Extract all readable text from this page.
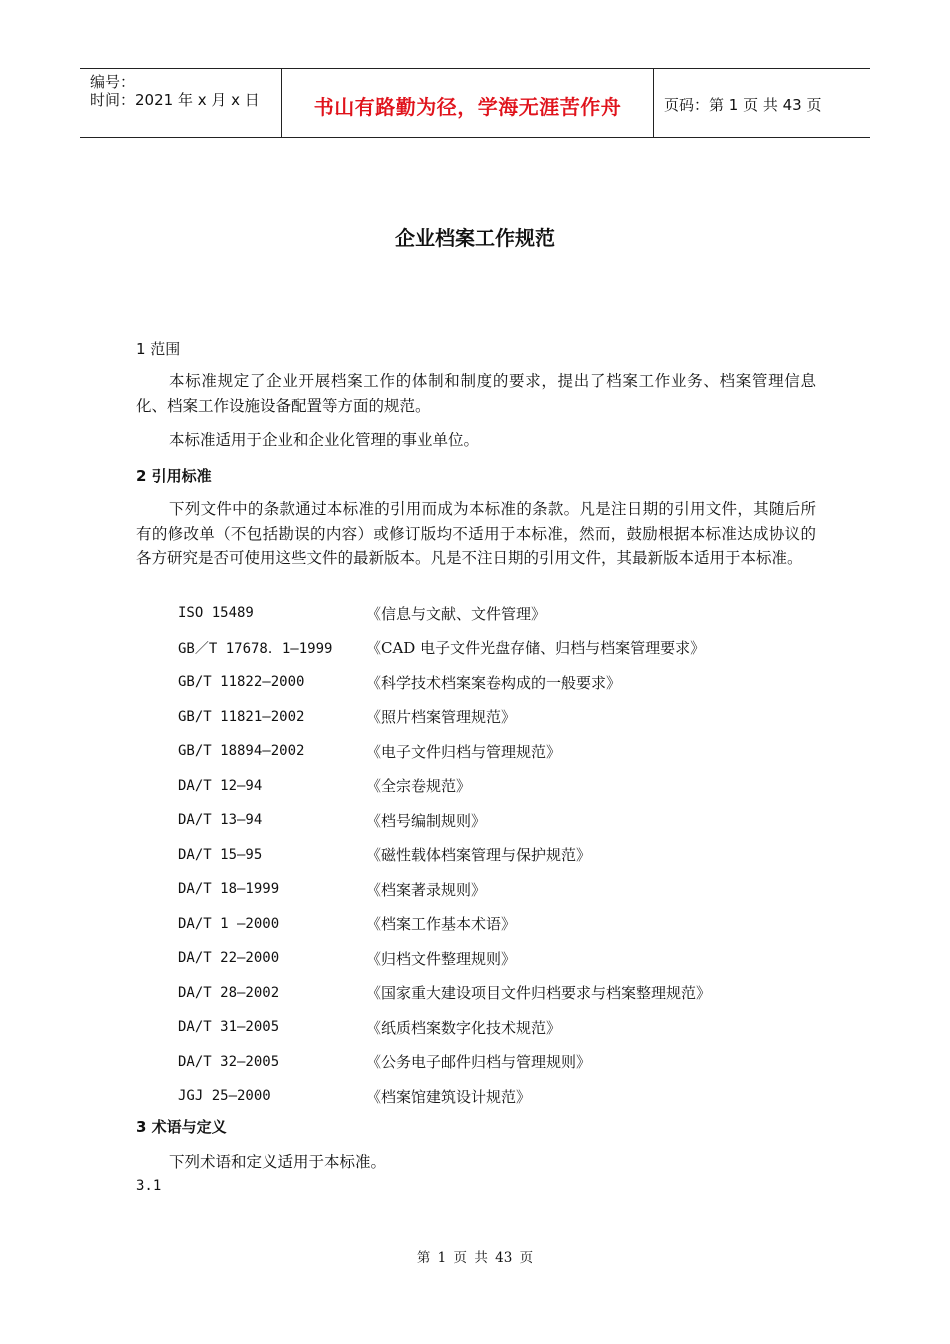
编号：
时间：2021 年 x 月 x 日	书山有路勤为径，学海无涯苦作舟	页码：第 1 页 共 43 页
企业档案工作规范
1 范围

本标准规定了企业开展档案工作的体制和制度的要求，提出了档案工作业务、档案管理信息化、档案工作设施设备配置等方面的规范。

本标准适用于企业和企业化管理的事业单位。

2 引用标准

下列文件中的条款通过本标准的引用而成为本标准的条款。凡是注日期的引用文件，其随后所有的修改单（不包括勘误的内容）或修订版均不适用于本标准，然而，鼓励根据本标准达成协议的各方研究是否可使用这些文件的最新版本。凡是不注日期的引用文件，其最新版本适用于本标准。

ISO 15489	《信息与文献、文件管理》
GB／T 17678．1—1999	《CAD 电子文件光盘存储、归档与档案管理要求》
GB/T 11822—2000	《科学技术档案案卷构成的一般要求》
GB/T 11821—2002	《照片档案管理规范》
GB/T 18894—2002	《电子文件归档与管理规范》
DA/T 12—94	《全宗卷规范》
DA/T 13—94	《档号编制规则》
DA/T 15—95	《磁性载体档案管理与保护规范》
DA/T 18—1999	《档案著录规则》
DA/T 1 —2000	《档案工作基本术语》
DA/T 22—2000	《归档文件整理规则》
DA/T 28—2002	《国家重大建设项目文件归档要求与档案整理规范》
DA/T 31—2005	《纸质档案数字化技术规范》
DA/T 32—2005	《公务电子邮件归档与管理规则》
JGJ 25—2000	《档案馆建筑设计规范》
3 术语与定义

下列术语和定义适用于本标准。

3.1
第 1 页 共 43 页
